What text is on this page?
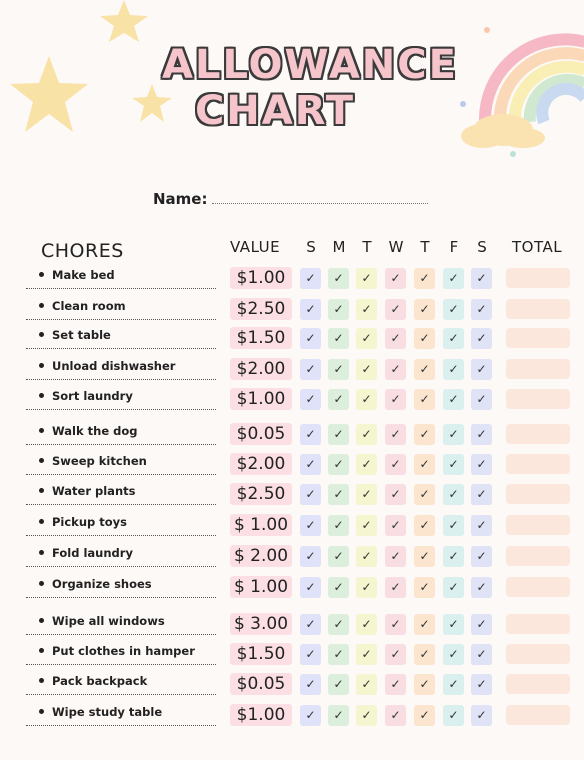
ALLOWANCE
CHART
Name:
CHORES	VALUE	S	M	T	W	T	F	S	TOTAL
Make bed	$1.00	✓	✓	✓	✓	✓	✓	✓
Clean room	$2.50	✓	✓	✓	✓	✓	✓	✓
Set table	$1.50	✓	✓	✓	✓	✓	✓	✓
Unload dishwasher	$2.00	✓	✓	✓	✓	✓	✓	✓
Sort laundry	$1.00	✓	✓	✓	✓	✓	✓	✓
Walk the dog	$0.05	✓	✓	✓	✓	✓	✓	✓
Sweep kitchen	$2.00	✓	✓	✓	✓	✓	✓	✓
Water plants	$2.50	✓	✓	✓	✓	✓	✓	✓
Pickup toys	$ 1.00	✓	✓	✓	✓	✓	✓	✓
Fold laundry	$ 2.00	✓	✓	✓	✓	✓	✓	✓
Organize shoes	$ 1.00	✓	✓	✓	✓	✓	✓	✓
Wipe all windows	$ 3.00	✓	✓	✓	✓	✓	✓	✓
Put clothes in hamper	$1.50	✓	✓	✓	✓	✓	✓	✓
Pack backpack	$0.05	✓	✓	✓	✓	✓	✓	✓
Wipe study table	$1.00	✓	✓	✓	✓	✓	✓	✓
